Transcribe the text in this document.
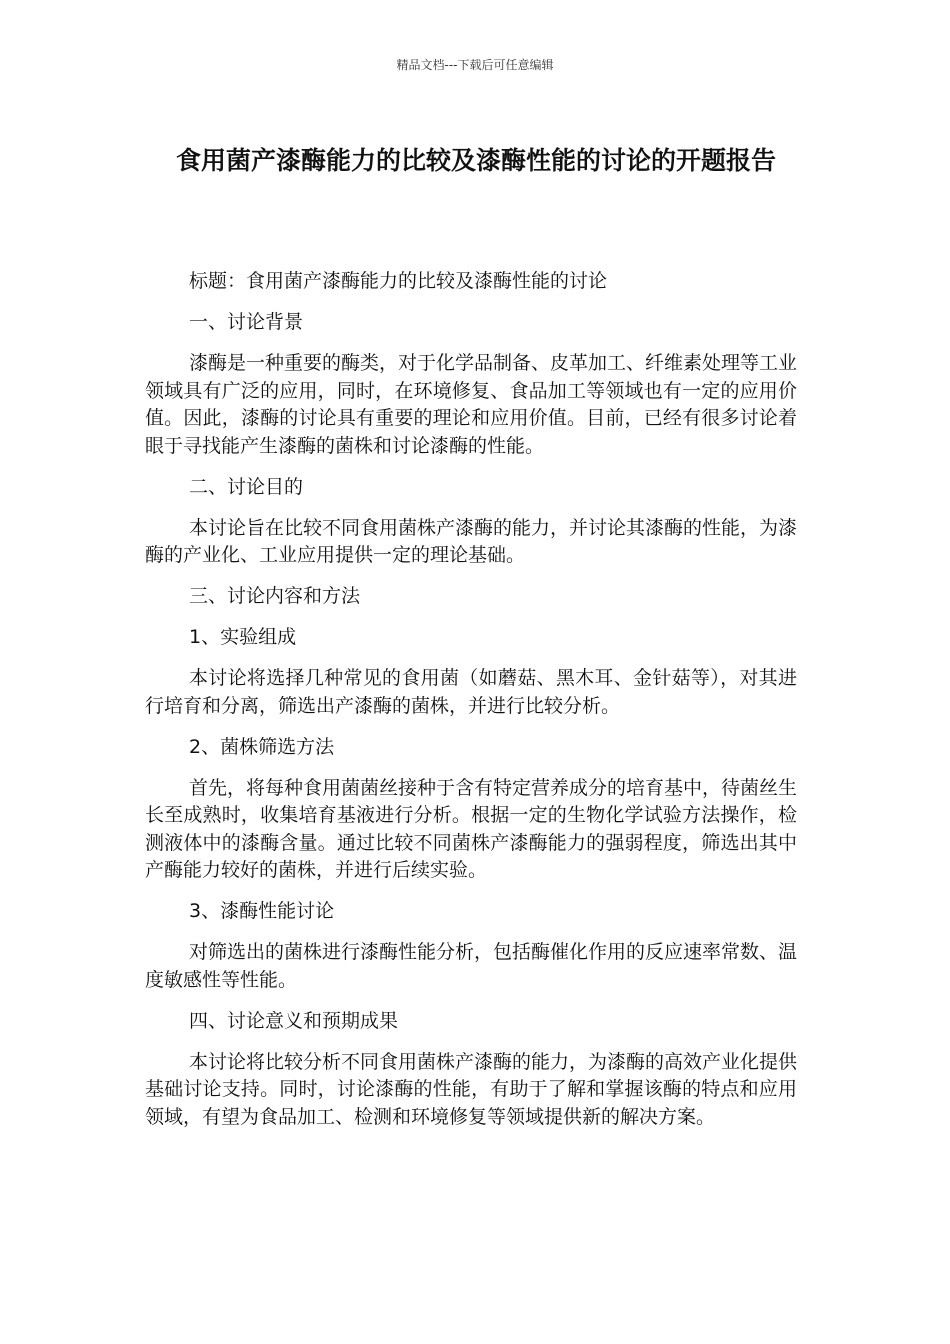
精品文档---下载后可任意编辑
食用菌产漆酶能力的比较及漆酶性能的讨论的开题报告

标题：食用菌产漆酶能力的比较及漆酶性能的讨论

一、讨论背景

漆酶是一种重要的酶类，对于化学品制备、皮革加工、纤维素处理等工业领域具有广泛的应用，同时，在环境修复、食品加工等领域也有一定的应用价值。因此，漆酶的讨论具有重要的理论和应用价值。目前，已经有很多讨论着眼于寻找能产生漆酶的菌株和讨论漆酶的性能。

二、讨论目的

本讨论旨在比较不同食用菌株产漆酶的能力，并讨论其漆酶的性能，为漆酶的产业化、工业应用提供一定的理论基础。

三、讨论内容和方法

1、实验组成

本讨论将选择几种常见的食用菌（如蘑菇、黑木耳、金针菇等），对其进行培育和分离，筛选出产漆酶的菌株，并进行比较分析。

2、菌株筛选方法

首先，将每种食用菌菌丝接种于含有特定营养成分的培育基中，待菌丝生长至成熟时，收集培育基液进行分析。根据一定的生物化学试验方法操作，检测液体中的漆酶含量。通过比较不同菌株产漆酶能力的强弱程度，筛选出其中产酶能力较好的菌株，并进行后续实验。

3、漆酶性能讨论

对筛选出的菌株进行漆酶性能分析，包括酶催化作用的反应速率常数、温度敏感性等性能。

四、讨论意义和预期成果

本讨论将比较分析不同食用菌株产漆酶的能力，为漆酶的高效产业化提供基础讨论支持。同时，讨论漆酶的性能，有助于了解和掌握该酶的特点和应用领域，有望为食品加工、检测和环境修复等领域提供新的解决方案。
